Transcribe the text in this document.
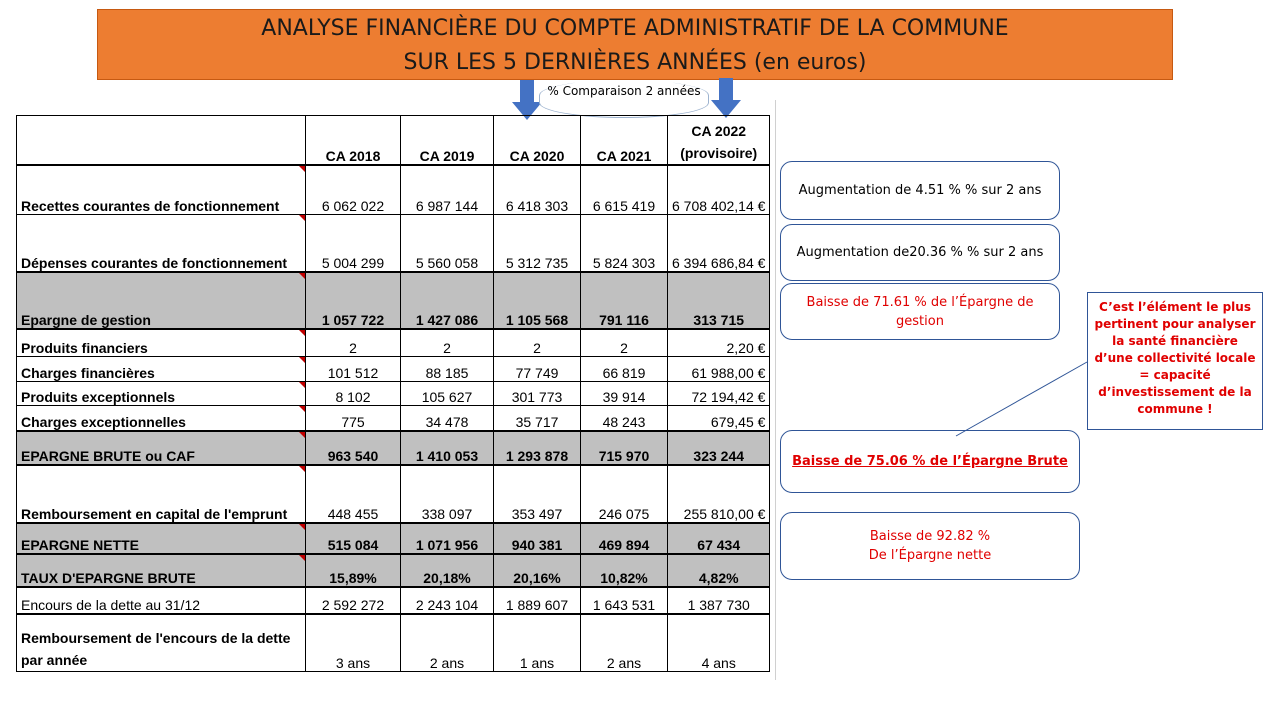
ANALYSE FINANCIÈRE DU COMPTE ADMINISTRATIF DE LA COMMUNE
SUR LES 5 DERNIÈRES ANNÉES (en euros)
% Comparaison 2 années
	CA 2018	CA 2019	CA 2020	CA 2021	CA 2022 (provisoire)

Recettes courantes de fonctionnement	6 062 022	6 987 144	6 418 303	6 615 419	6 708 402,14 €

Dépenses courantes de fonctionnement	5 004 299	5 560 058	5 312 735	5 824 303	6 394 686,84 €

Epargne de gestion	1 057 722	1 427 086	1 105 568	791 116	313 715

Produits financiers	2	2	2	2	2,20 €

Charges financières	101 512	88 185	77 749	66 819	61 988,00 €

Produits exceptionnels	8 102	105 627	301 773	39 914	72 194,42 €

Charges exceptionnelles	775	34 478	35 717	48 243	679,45 €

EPARGNE BRUTE ou CAF	963 540	1 410 053	1 293 878	715 970	323 244

Remboursement en capital de l'emprunt	448 455	338 097	353 497	246 075	255 810,00 €

EPARGNE NETTE	515 084	1 071 956	940 381	469 894	67 434

TAUX D'EPARGNE BRUTE	15,89%	20,18%	20,16%	10,82%	4,82%
Encours de la dette au 31/12	2 592 272	2 243 104	1 889 607	1 643 531	1 387 730
Remboursement de l'encours de la dette par année	3 ans	2 ans	1 ans	2 ans	4 ans
Augmentation de 4.51 % % sur 2 ans
Augmentation de20.36 % % sur 2 ans
Baisse de 71.61 % de l’Épargne de gestion
Baisse de 75.06 % de l’Épargne Brute
Baisse de 92.82 %
De l’Épargne nette
C’est l’élément le plus pertinent pour analyser la santé financière d’une collectivité locale = capacité d’investissement de la commune !
